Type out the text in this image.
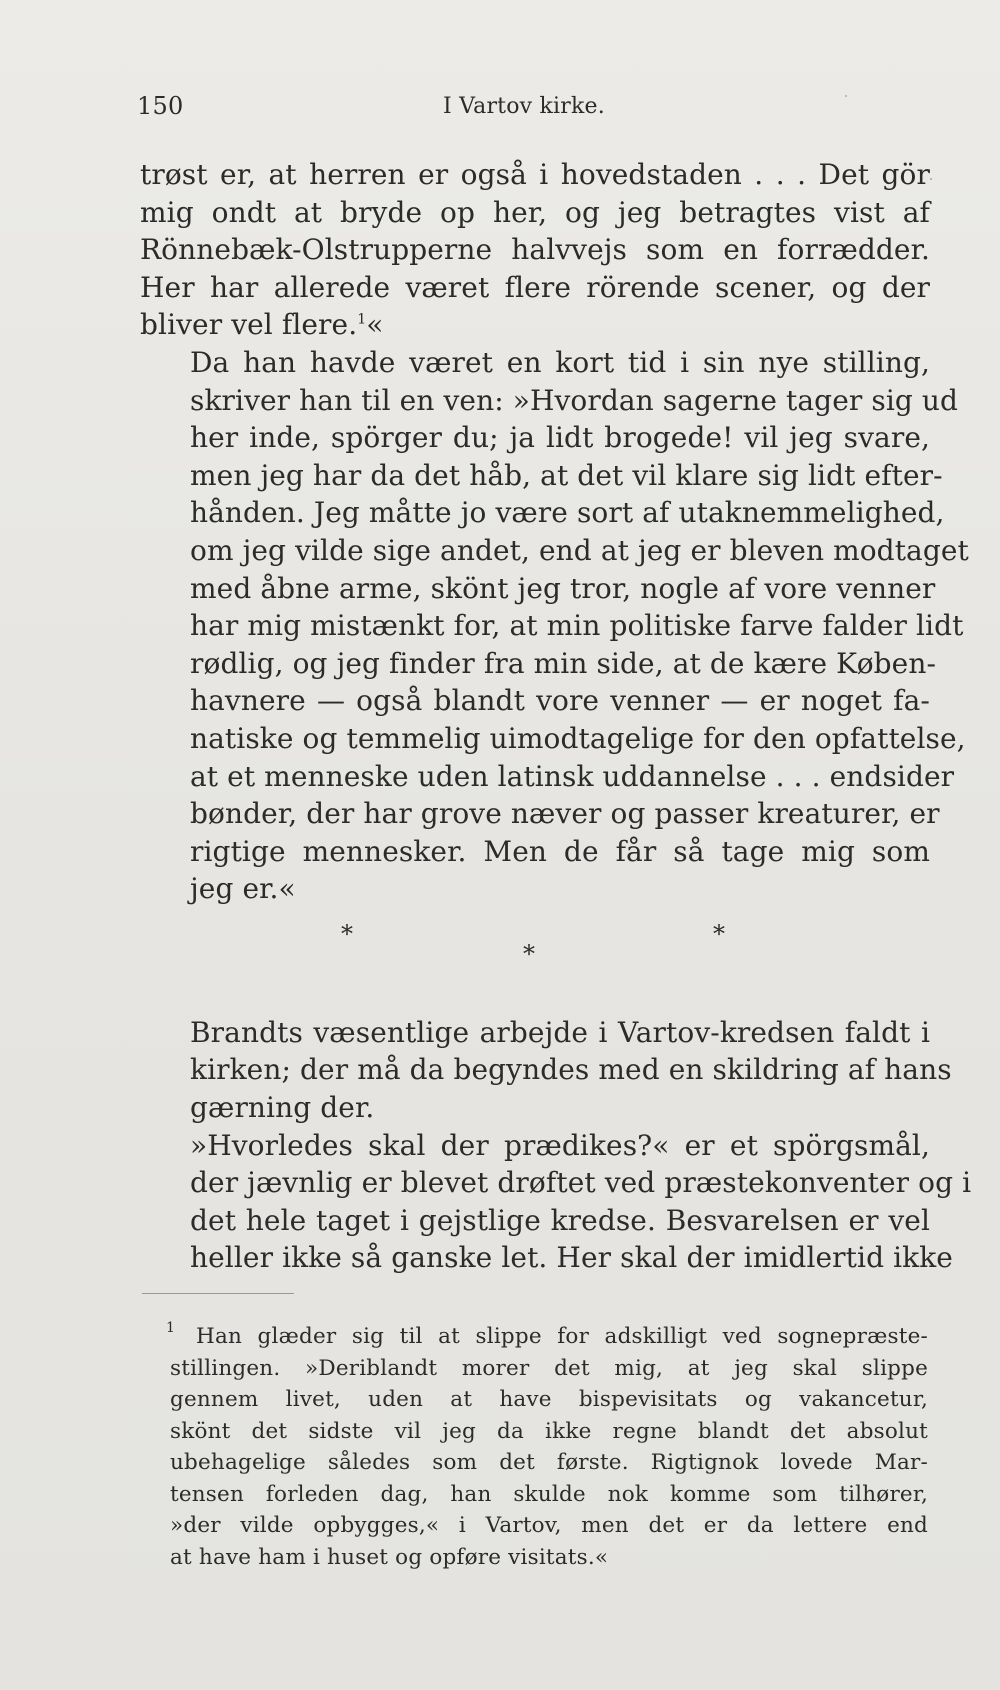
150	I Vartov kirke.

trøst er, at herren er også i hovedstaden . . . Det gör
mig ondt at bryde op her, og jeg betragtes vist af
Rönnebæk-Olstrupperne halvvejs som en forrædder.
Her har allerede været flere rörende scener, og der
bliver vel flere.$^1$«

Da han havde været en kort tid i sin nye stilling,
skriver han til en ven: »Hvordan sagerne tager sig ud
her inde, spörger du; ja lidt brogede! vil jeg svare,
men jeg har da det håb, at det vil klare sig lidt efter-
hånden. Jeg måtte jo være sort af utaknemmelighed,
om jeg vilde sige andet, end at jeg er bleven modtaget
med åbne arme, skönt jeg tror, nogle af vore venner
har mig mistænkt for, at min politiske farve falder lidt
rødlig, og jeg finder fra min side, at de kære Køben-
havnere — også blandt vore venner — er noget fa-
natiske og temmelig uimodtagelige for den opfattelse,
at et menneske uden latinsk uddannelse . . . endsider
bønder, der har grove næver og passer kreaturer, er
rigtige mennesker. Men de får så tage mig som
jeg er.«

*
*
*

Brandts væsentlige arbejde i Vartov-kredsen faldt i
kirken; der må da begyndes med en skildring af hans
gærning der.

»Hvorledes skal der prædikes?« er et spörgsmål,
der jævnlig er blevet drøftet ved præstekonventer og i
det hele taget i gejstlige kredse. Besvarelsen er vel
heller ikke så ganske let. Her skal der imidlertid ikke

1 Han glæder sig til at slippe for adskilligt ved sognepræste-
stillingen. »Deriblandt morer det mig, at jeg skal slippe
gennem livet, uden at have bispevisitats og vakancetur,
skönt det sidste vil jeg da ikke regne blandt det absolut
ubehagelige således som det første. Rigtignok lovede Mar-
tensen forleden dag, han skulde nok komme som tilhører,
»der vilde opbygges,« i Vartov, men det er da lettere end
at have ham i huset og opføre visitats.«
